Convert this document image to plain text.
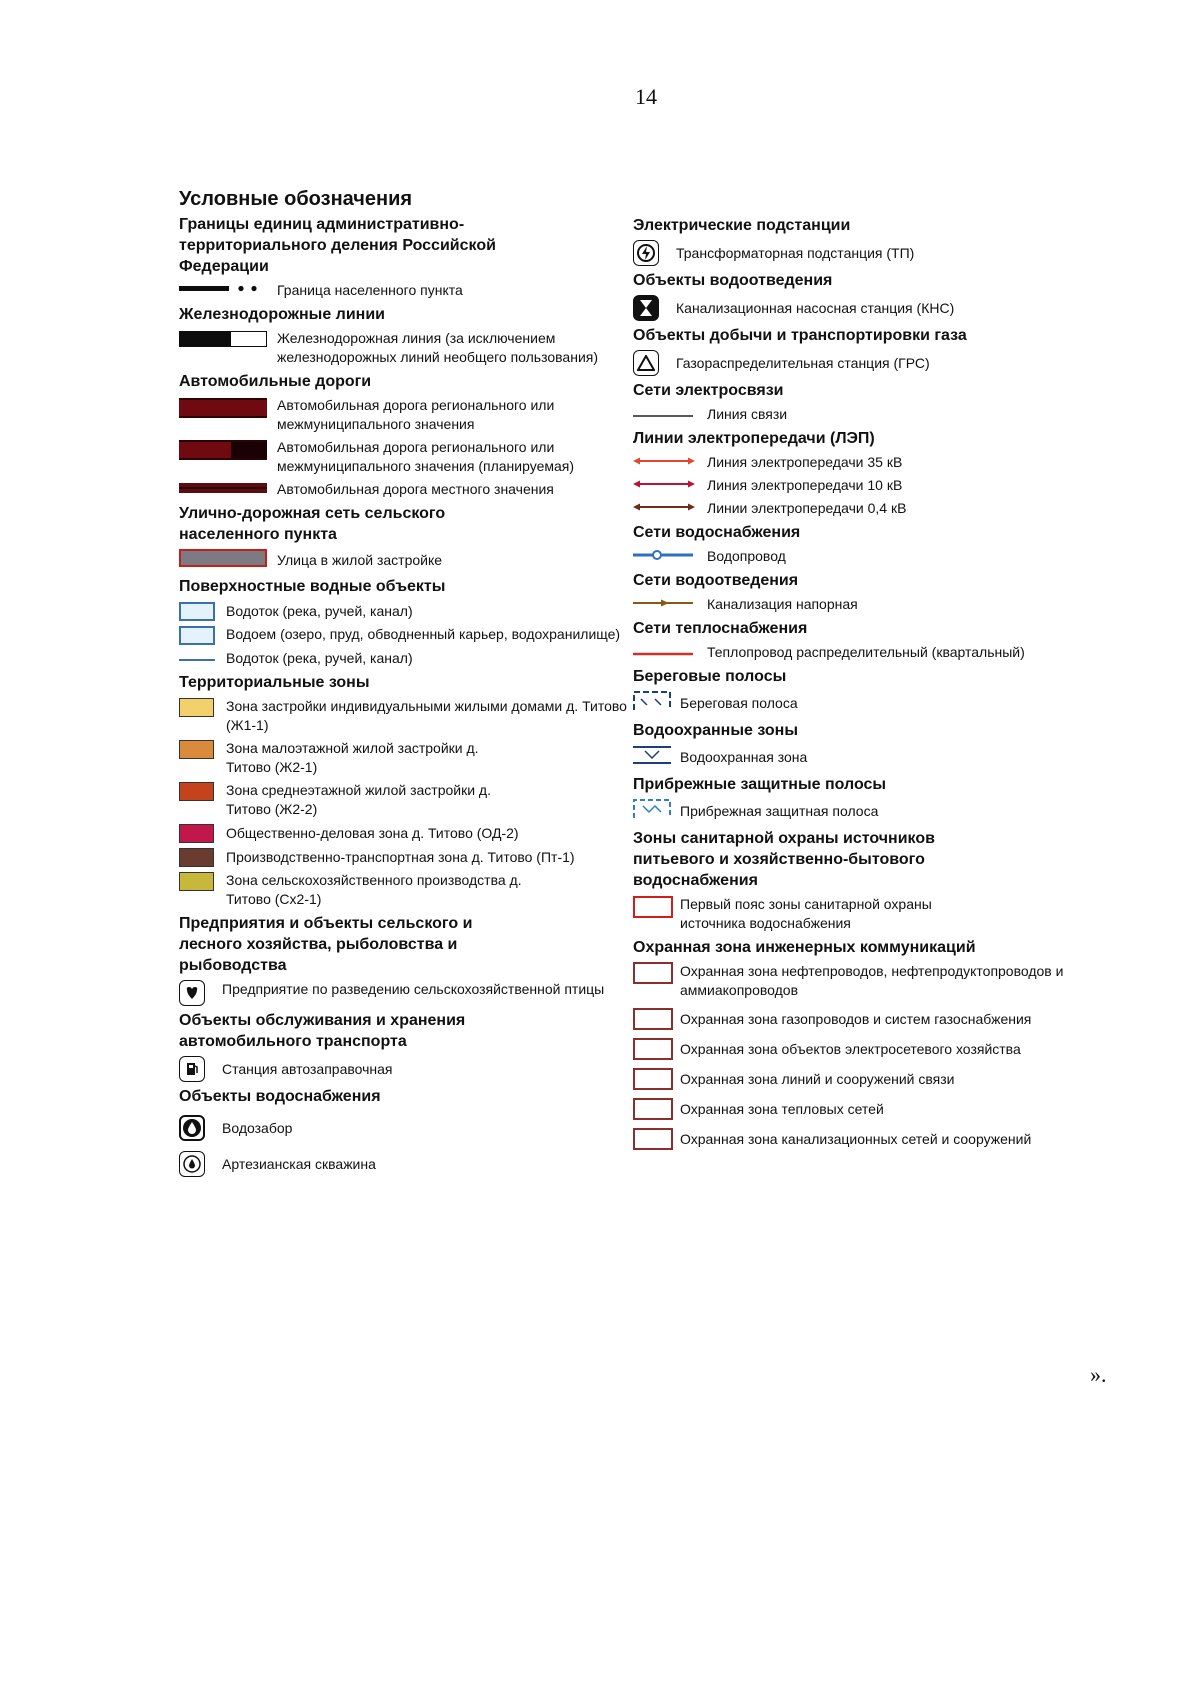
14
Условные обозначения
Границы единиц административно-территориального деления Российской Федерации
Граница населенного пункта
Железнодорожные линии
Железнодорожная линия (за исключением железнодорожных линий необщего пользования)
Автомобильные дороги
Автомобильная дорога регионального или межмуниципального значения
Автомобильная дорога регионального или межмуниципального значения (планируемая)
Автомобильная дорога местного значения
Улично-дорожная сеть сельского населенного пункта
Улица в жилой застройке
Поверхностные водные объекты
Водоток (река, ручей, канал)
Водоем (озеро, пруд, обводненный карьер, водохранилище)
Водоток (река, ручей, канал)
Территориальные зоны
Зона застройки индивидуальными жилыми домами д. Титово (Ж1-1)
Зона малоэтажной жилой застройки д. Титово (Ж2-1)
Зона среднеэтажной жилой застройки д. Титово (Ж2-2)
Общественно-деловая зона д. Титово (ОД-2)
Производственно-транспортная зона д. Титово (Пт-1)
Зона сельскохозяйственного производства д. Титово (Сх2-1)
Предприятия и объекты сельского и лесного хозяйства, рыболовства и рыбоводства
Предприятие по разведению сельскохозяйственной птицы
Объекты обслуживания и хранения автомобильного транспорта
Станция автозаправочная
Объекты водоснабжения
Водозабор
Артезианская скважина
Электрические подстанции
Трансформаторная подстанция (ТП)
Объекты водоотведения
Канализационная насосная станция (КНС)
Объекты добычи и транспортировки газа
Газораспределительная станция (ГРС)
Сети электросвязи
Линия связи
Линии электропередачи (ЛЭП)
Линия электропередачи 35 кВ
Линия электропередачи 10 кВ
Линии электропередачи 0,4 кВ
Сети водоснабжения
Водопровод
Сети водоотведения
Канализация напорная
Сети теплоснабжения
Теплопровод распределительный (квартальный)
Береговые полосы
Береговая полоса
Водоохранные зоны
Водоохранная зона
Прибрежные защитные полосы
Прибрежная защитная полоса
Зоны санитарной охраны источников питьевого и хозяйственно-бытового водоснабжения
Первый пояс зоны санитарной охраны источника водоснабжения
Охранная зона инженерных коммуникаций
Охранная зона нефтепроводов, нефтепродуктопроводов и аммиакопроводов
Охранная зона газопроводов и систем газоснабжения
Охранная зона объектов электросетевого хозяйства
Охранная зона линий и сооружений связи
Охранная зона тепловых сетей
Охранная зона канализационных сетей и сооружений
».
